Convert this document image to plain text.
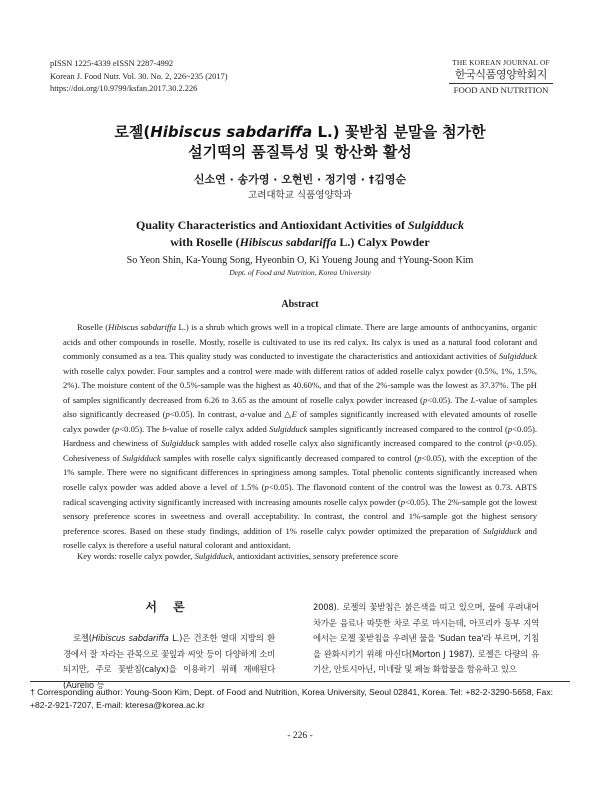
pISSN 1225-4339 eISSN 2287-4992
Korean J. Food Nutr. Vol. 30. No. 2, 226~235 (2017)
https://doi.org/10.9799/ksfan.2017.30.2.226
THE KOREAN JOURNAL OF
한국식품영양학회지
FOOD AND NUTRITION
로젤(Hibiscus sabdariffa L.) 꽃받침 분말을 첨가한
설기떡의 품질특성 및 항산화 활성
신소연 · 송가영 · 오현빈 · 정기영 · †김영순
고려대학교 식품영양학과
Quality Characteristics and Antioxidant Activities of Sulgidduck
with Roselle (Hibiscus sabdariffa L.) Calyx Powder
So Yeon Shin, Ka-Young Song, Hyeonbin O, Ki Youeng Joung and †Young-Soon Kim
Dept. of Food and Nutrition, Korea University
Abstract

Roselle (Hibiscus sabdariffa L.) is a shrub which grows well in a tropical climate. There are large amounts of anthocyanins, organic acids and other compounds in roselle. Mostly, roselle is cultivated to use its red calyx. Its calyx is used as a natural food colorant and commonly consumed as a tea. This quality study was conducted to investigate the characteristics and antioxidant activities of Sulgidduck with roselle calyx powder. Four samples and a control were made with different ratios of added roselle calyx powder (0.5%, 1%, 1.5%, 2%). The moisture content of the 0.5%-sample was the highest as 40.60%, and that of the 2%-sample was the lowest as 37.37%. The pH of samples significantly decreased from 6.26 to 3.65 as the amount of roselle calyx powder increased (p<0.05). The L-value of samples also significantly decreased (p<0.05). In contrast, a-value and △E of samples significantly increased with elevated amounts of roselle calyx powder (p<0.05). The b-value of roselle calyx added Sulgidduck samples significantly increased compared to the control (p<0.05). Hardness and chewiness of Sulgidduck samples with added roselle calyx also significantly increased compared to the control (p<0.05). Cohesiveness of Sulgidduck samples with roselle calyx significantly decreased compared to control (p<0.05), with the exception of the 1% sample. There were no significant differences in springiness among samples. Total phenolic contents significantly increased when roselle calyx powder was added above a level of 1.5% (p<0.05). The flavonoid content of the control was the lowest as 0.73. ABTS radical scavenging activity significantly increased with increasing amounts roselle calyx powder (p<0.05). The 2%-sample got the lowest sensory preference scores in sweetness and overall acceptability. In contrast, the control and 1%-sample got the highest sensory preference scores. Based on these study findings, addition of 1% roselle calyx powder optimized the preparation of Sulgidduck and roselle calyx is therefore a useful natural colorant and antioxidant.

Key words: roselle calyx powder, Sulgidduck, antioxidant activities, sensory preference score

서 론

로젤(Hibiscus sabdariffa L.)은 건조한 열대 지방의 환경에서 잘 자라는 관목으로 꽃잎과 씨앗 등이 다양하게 소비되지만, 주로 꽃받침(calyx)을 이용하기 위해 재배된다(Aurelio 등

2008). 로젤의 꽃받침은 붉은색을 띠고 있으며, 물에 우려내어 차가운 음료나 따뜻한 차로 주로 마시는데, 아프리카 동부 지역에서는 로젤 꽃받침을 우려낸 물을 'Sudan tea'라 부르며, 기침을 완화시키기 위해 마신다(Morton J 1987). 로젤은 다량의 유기산, 안토시아닌, 미네랄 및 페놀 화합물을 함유하고 있으

† Corresponding author: Young-Soon Kim, Dept. of Food and Nutrition, Korea University, Seoul 02841, Korea. Tel: +82-2-3290-5658, Fax: +82-2-921-7207, E-mail: kteresa@korea.ac.kr

- 226 -
